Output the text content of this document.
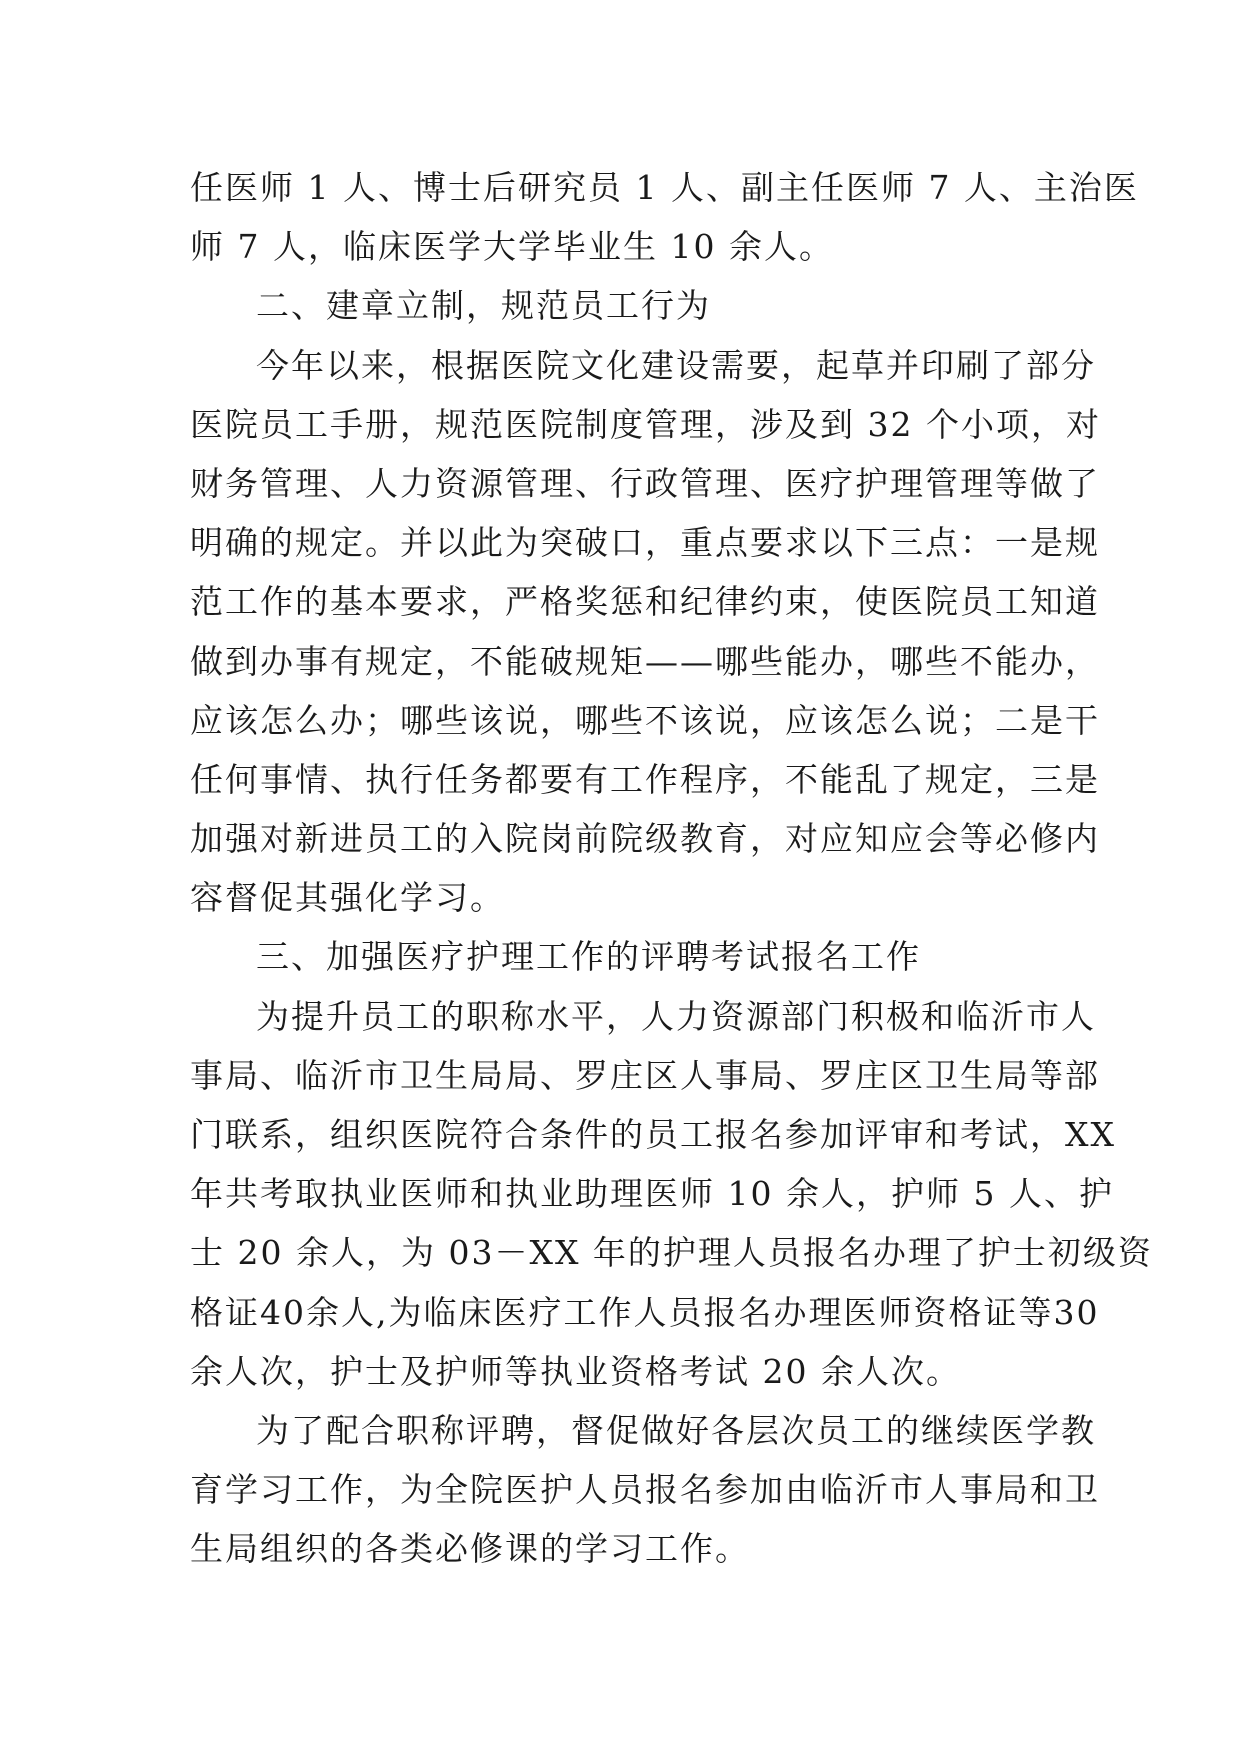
任医师 1 人、博士后研究员 1 人、副主任医师 7 人、主治医
师 7 人，临床医学大学毕业生 10 余人。
二、建章立制，规范员工行为
今年以来，根据医院文化建设需要，起草并印刷了部分
医院员工手册，规范医院制度管理，涉及到 32 个小项，对
财务管理、人力资源管理、行政管理、医疗护理管理等做了
明确的规定。并以此为突破口，重点要求以下三点：一是规
范工作的基本要求，严格奖惩和纪律约束，使医院员工知道
做到办事有规定，不能破规矩——哪些能办，哪些不能办，
应该怎么办；哪些该说，哪些不该说，应该怎么说；二是干
任何事情、执行任务都要有工作程序，不能乱了规定，三是
加强对新进员工的入院岗前院级教育，对应知应会等必修内
容督促其强化学习。
三、加强医疗护理工作的评聘考试报名工作
为提升员工的职称水平，人力资源部门积极和临沂市人
事局、临沂市卫生局局、罗庄区人事局、罗庄区卫生局等部
门联系，组织医院符合条件的员工报名参加评审和考试，XX
年共考取执业医师和执业助理医师 10 余人，护师 5 人、护
士 20 余人，为 03－XX 年的护理人员报名办理了护士初级资
格证40余人,为临床医疗工作人员报名办理医师资格证等30
余人次，护士及护师等执业资格考试 20 余人次。
为了配合职称评聘，督促做好各层次员工的继续医学教
育学习工作，为全院医护人员报名参加由临沂市人事局和卫
生局组织的各类必修课的学习工作。
